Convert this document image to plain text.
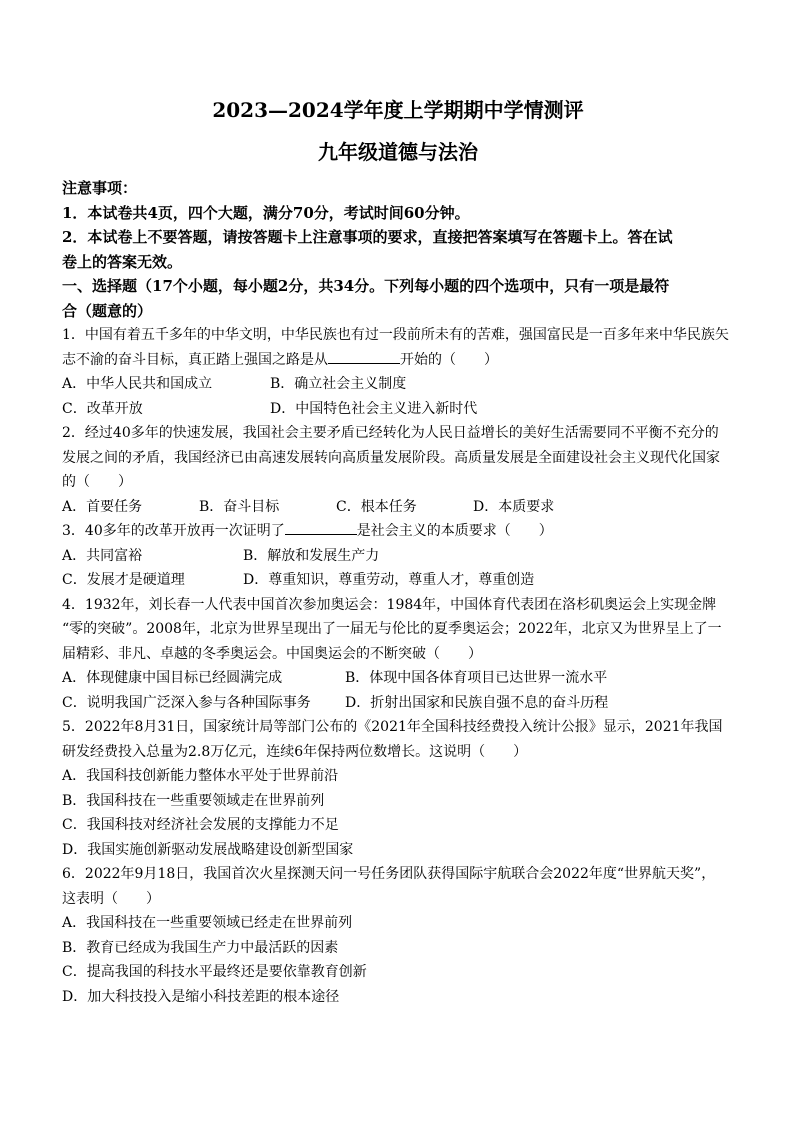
2023—2024学年度上学期期中学情测评

九年级道德与法治

注意事项：

1．本试卷共4页，四个大题，满分70分，考试时间60分钟。

2．本试卷上不要答题，请按答题卡上注意事项的要求，直接把答案填写在答题卡上。答在试

卷上的答案无效。

一、选择题（17个小题，每小题2分，共34分。下列每小题的四个选项中，只有一项是最符

合（题意的）

1．中国有着五千多年的中华文明，中华民族也有过一段前所未有的苦难，强国富民是一百多年来中华民族矢

志不渝的奋斗目标，真正踏上强国之路是从	开始的（　　）

A．中华人民共和国成立	B．确立社会主义制度
C．改革开放	D．中国特色社会主义进入新时代

2．经过40多年的快速发展，我国社会主要矛盾已经转化为人民日益增长的美好生活需要同不平衡不充分的

发展之间的矛盾，我国经济已由高速发展转向高质量发展阶段。高质量发展是全面建设社会主义现代化国家

的（　　）

A．首要任务	B．奋斗目标	C．根本任务	D．本质要求

3．40多年的改革开放再一次证明了	是社会主义的本质要求（　　）

A．共同富裕	B．解放和发展生产力
C．发展才是硬道理	D．尊重知识，尊重劳动，尊重人才，尊重创造

4．1932年，刘长春一人代表中国首次参加奥运会：1984年，中国体育代表团在洛杉矶奥运会上实现金牌

“零的突破”。2008年，北京为世界呈现出了一届无与伦比的夏季奥运会；2022年，北京又为世界呈上了一

届精彩、非凡、卓越的冬季奥运会。中国奥运会的不断突破（　　）

A．体现健康中国目标已经圆满完成	B．体现中国各体育项目已达世界一流水平
C．说明我国广泛深入参与各种国际事务	D．折射出国家和民族自强不息的奋斗历程

5．2022年8月31日，国家统计局等部门公布的《2021年全国科技经费投入统计公报》显示，2021年我国

研发经费投入总量为2.8万亿元，连续6年保持两位数增长。这说明（　　）

A．我国科技创新能力整体水平处于世界前沿

B．我国科技在一些重要领域走在世界前列

C．我国科技对经济社会发展的支撑能力不足

D．我国实施创新驱动发展战略建设创新型国家

6．2022年9月18日，我国首次火星探测天问一号任务团队获得国际宇航联合会2022年度“世界航天奖”，

这表明（　　）

A．我国科技在一些重要领域已经走在世界前列

B．教育已经成为我国生产力中最活跃的因素

C．提高我国的科技水平最终还是要依靠教育创新

D．加大科技投入是缩小科技差距的根本途径
